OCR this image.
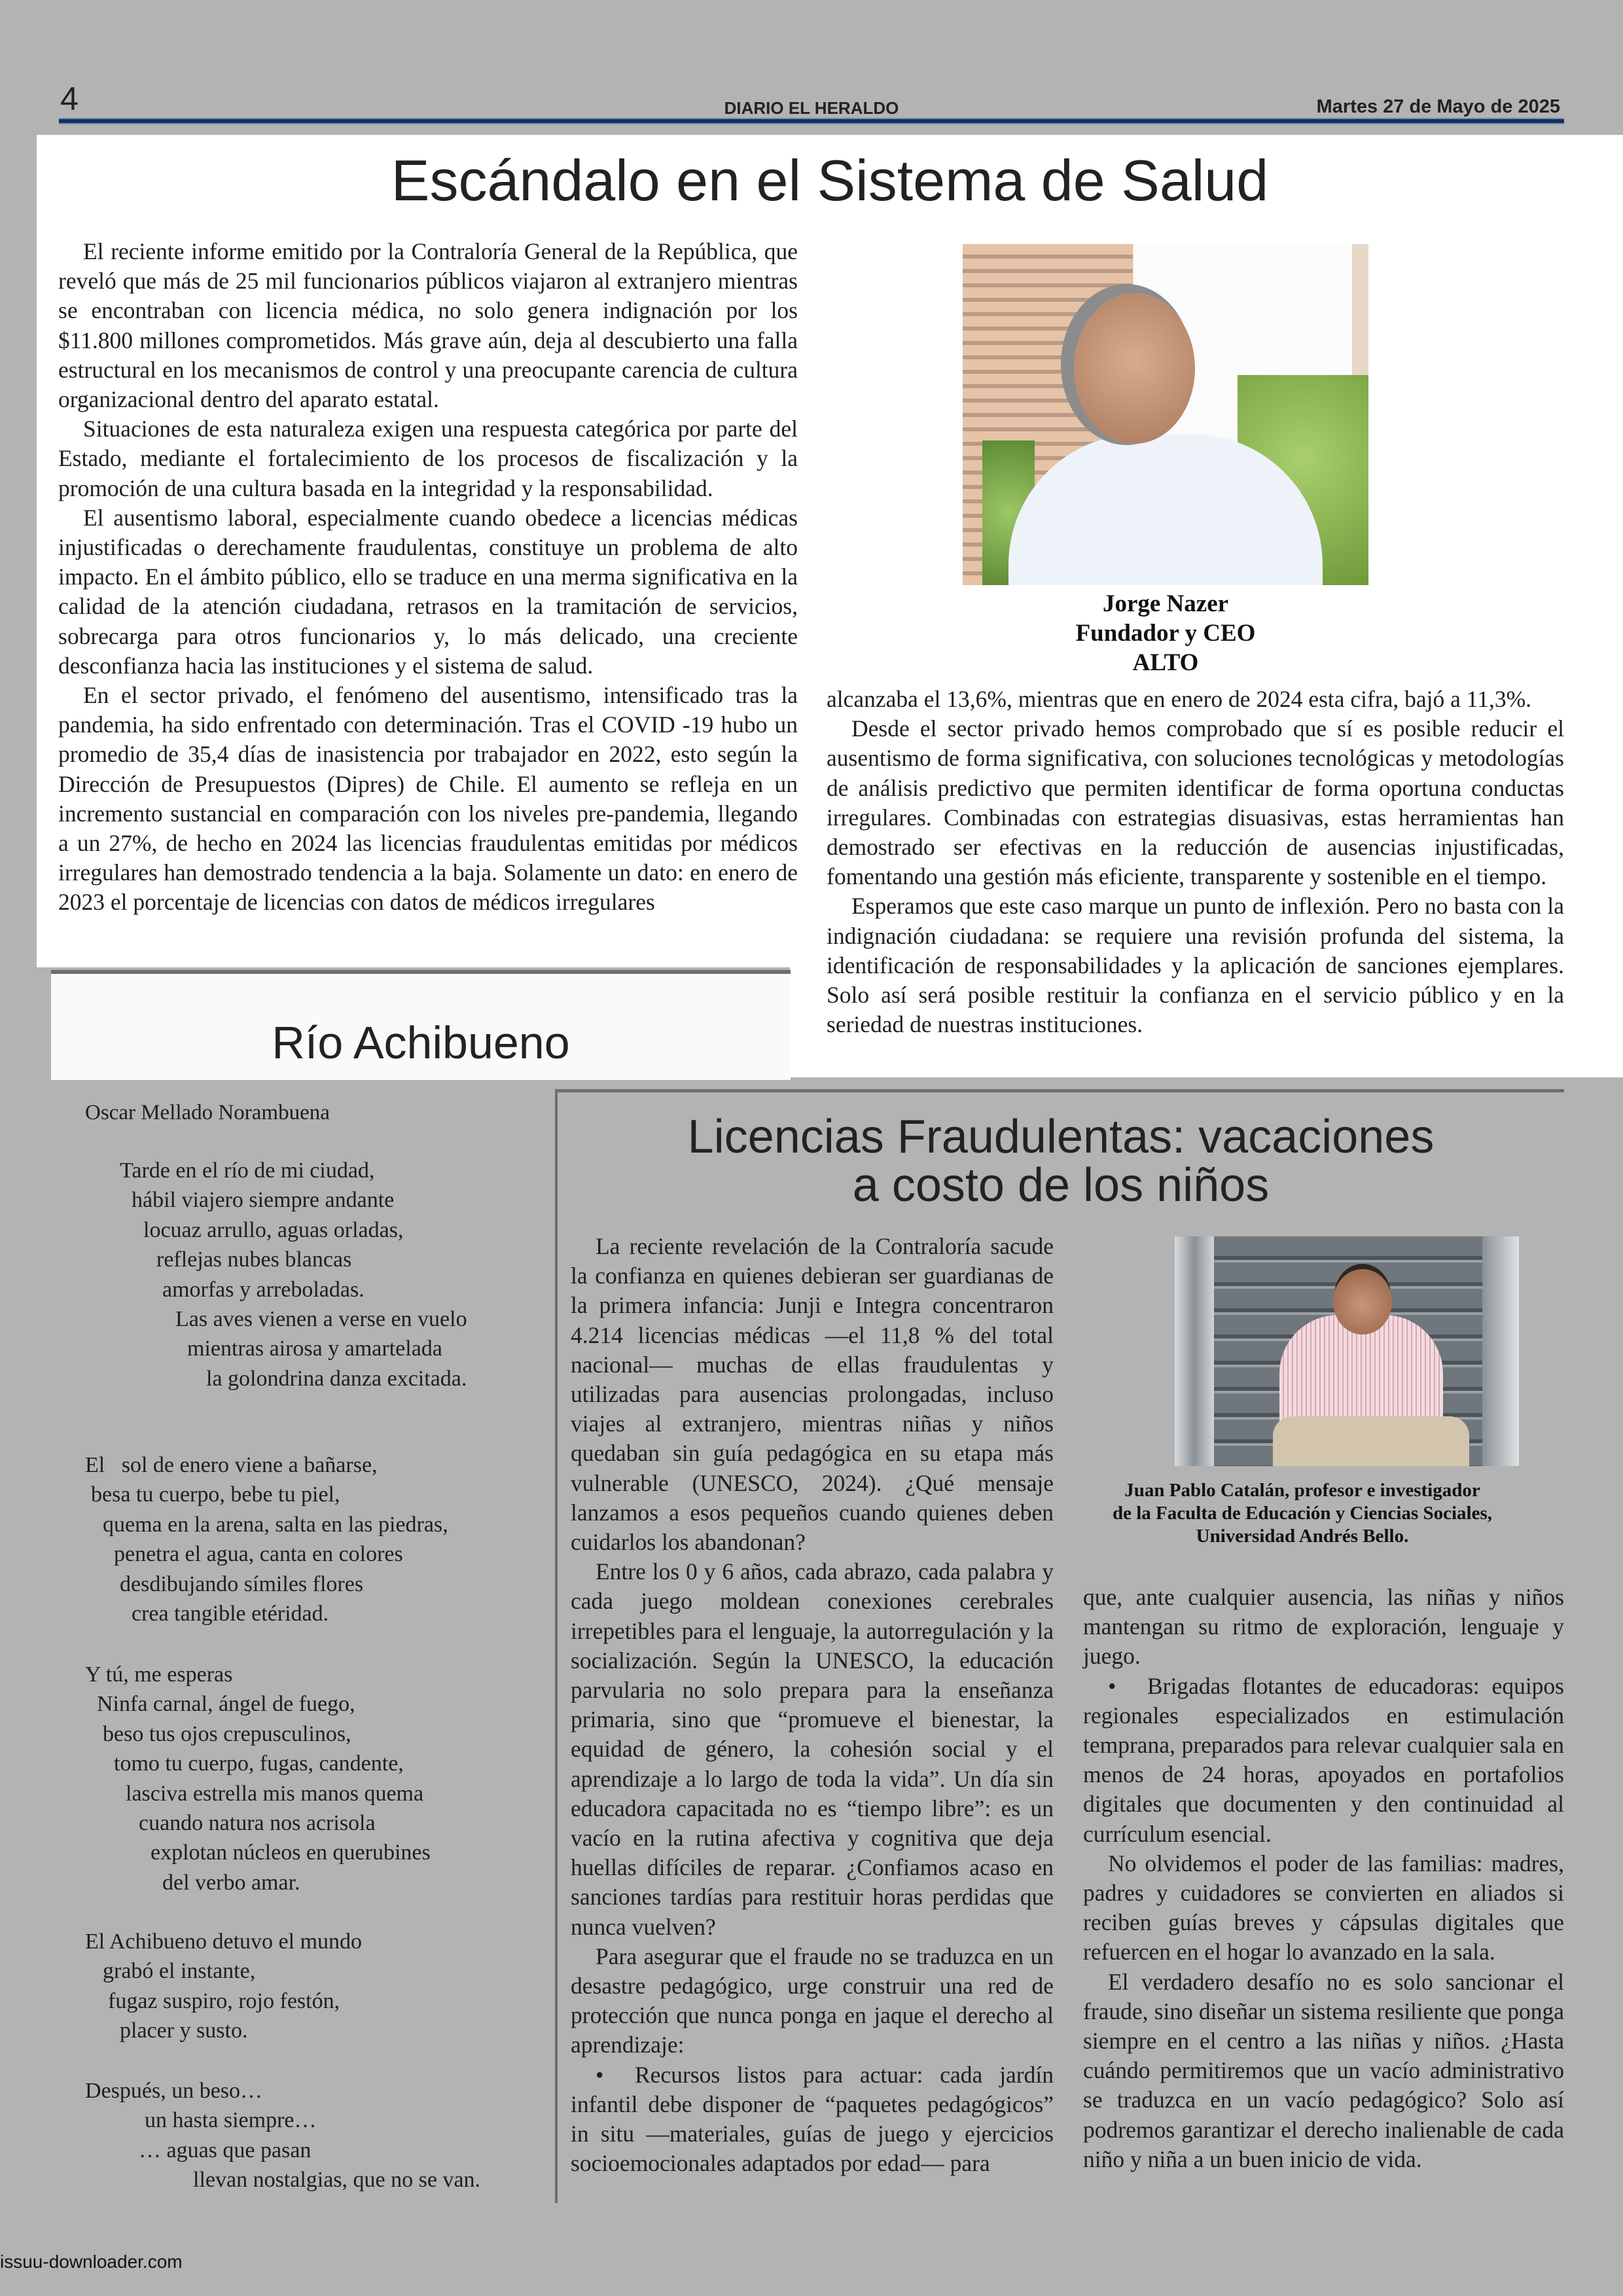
4	DIARIO EL HERALDO	Martes 27 de Mayo de 2025
Escándalo en el Sistema de Salud

El reciente informe emitido por la Contraloría General de la República, que reveló que más de 25 mil funcionarios públicos viajaron al extranjero mientras se encontraban con licencia médica, no solo genera indignación por los $11.800 millones comprometidos. Más grave aún, deja al descubierto una falla estructural en los mecanismos de control y una preocupante carencia de cultura organizacional dentro del aparato estatal.

Situaciones de esta naturaleza exigen una respuesta categórica por parte del Estado, mediante el fortalecimiento de los procesos de fiscalización y la promoción de una cultura basada en la integridad y la responsabilidad.

El ausentismo laboral, especialmente cuando obedece a licencias médicas injustificadas o derechamente fraudulentas, constituye un problema de alto impacto. En el ámbito público, ello se traduce en una merma significativa en la calidad de la atención ciudadana, retrasos en la tramitación de servicios, sobrecarga para otros funcionarios y, lo más delicado, una creciente desconfianza hacia las instituciones y el sistema de salud.

En el sector privado, el fenómeno del ausentismo, intensificado tras la pandemia, ha sido enfrentado con determinación. Tras el COVID -19 hubo un promedio de 35,4 días de inasistencia por trabajador en 2022, esto según la Dirección de Presupuestos (Dipres) de Chile. El aumento se refleja en un incremento sustancial en comparación con los niveles pre-pandemia, llegando a un 27%, de hecho en 2024 las licencias fraudulentas emitidas por médicos irregulares han demostrado tendencia a la baja. Solamente un dato: en enero de 2023 el porcentaje de licencias con datos de médicos irregulares

Jorge Nazer
Fundador y CEO
ALTO

alcanzaba el 13,6%, mientras que en enero de 2024 esta cifra, bajó a 11,3%.

Desde el sector privado hemos comprobado que sí es posible reducir el ausentismo de forma significativa, con soluciones tecnológicas y metodologías de análisis predictivo que permiten identificar de forma oportuna conductas irregulares. Combinadas con estrategias disuasivas, estas herramientas han demostrado ser efectivas en la reducción de ausencias injustificadas, fomentando una gestión más eficiente, transparente y sostenible en el tiempo.

Esperamos que este caso marque un punto de inflexión. Pero no basta con la indignación ciudadana: se requiere una revisión profunda del sistema, la identificación de responsabilidades y la aplicación de sanciones ejemplares. Solo así será posible restituir la confianza en el servicio público y en la seriedad de nuestras instituciones.

Río Achibueno
Oscar Mellado Norambuena
Tarde en el río de mi ciudad,
hábil viajero siempre andante
locuaz arrullo, aguas orladas,
reflejas nubes blancas
amorfas y arreboladas.
Las aves vienen a verse en vuelo
mientras airosa y amartelada
la golondrina danza excitada.
El   sol de enero viene a bañarse,
besa tu cuerpo, bebe tu piel,
quema en la arena, salta en las piedras,
penetra el agua, canta en colores
desdibujando símiles flores
crea tangible etéridad.
Y tú, me esperas
Ninfa carnal, ángel de fuego,
beso tus ojos crepusculinos,
tomo tu cuerpo, fugas, candente,
lasciva estrella mis manos quema
cuando natura nos acrisola
explotan núcleos en querubines
del verbo amar.
El Achibueno detuvo el mundo
grabó el instante,
fugaz suspiro, rojo festón,
placer y susto.
Después, un beso…
un hasta siempre…
… aguas que pasan
llevan nostalgias, que no se van.
Licencias Fraudulentas: vacaciones
a costo de los niños

La reciente revelación de la Contraloría sacude la confianza en quienes debieran ser guardianas de la primera infancia: Junji e Integra concentraron 4.214 licencias médicas —el 11,8 % del total nacional— muchas de ellas fraudulentas y utilizadas para ausencias prolongadas, incluso viajes al extranjero, mientras niñas y niños quedaban sin guía pedagógica en su etapa más vulnerable (UNESCO, 2024). ¿Qué mensaje lanzamos a esos pequeños cuando quienes deben cuidarlos los abandonan?

Entre los 0 y 6 años, cada abrazo, cada palabra y cada juego moldean conexiones cerebrales irrepetibles para el lenguaje, la autorregulación y la socialización. Según la UNESCO, la educación parvularia no solo prepara para la enseñanza primaria, sino que “promueve el bienestar, la equidad de género, la cohesión social y el aprendizaje a lo largo de toda la vida”. Un día sin educadora capacitada no es “tiempo libre”: es un vacío en la rutina afectiva y cognitiva que deja huellas difíciles de reparar. ¿Confiamos acaso en sanciones tardías para restituir horas perdidas que nunca vuelven?

Para asegurar que el fraude no se traduzca en un desastre pedagógico, urge construir una red de protección que nunca ponga en jaque el derecho al aprendizaje:

• Recursos listos para actuar: cada jardín infantil debe disponer de “paquetes pedagógicos” in situ —materiales, guías de juego y ejercicios socioemocionales adaptados por edad— para

Juan Pablo Catalán, profesor e investigador
de la Faculta de Educación y Ciencias Sociales,
Universidad Andrés Bello.

que, ante cualquier ausencia, las niñas y niños mantengan su ritmo de exploración, lenguaje y juego.

• Brigadas flotantes de educadoras: equipos regionales especializados en estimulación temprana, preparados para relevar cualquier sala en menos de 24 horas, apoyados en portafolios digitales que documenten y den continuidad al currículum esencial.

No olvidemos el poder de las familias: madres, padres y cuidadores se convierten en aliados si reciben guías breves y cápsulas digitales que refuercen en el hogar lo avanzado en la sala.

El verdadero desafío no es solo sancionar el fraude, sino diseñar un sistema resiliente que ponga siempre en el centro a las niñas y niños. ¿Hasta cuándo permitiremos que un vacío administrativo se traduzca en un vacío pedagógico? Solo así podremos garantizar el derecho inalienable de cada niño y niña a un buen inicio de vida.

issuu-downloader.com
